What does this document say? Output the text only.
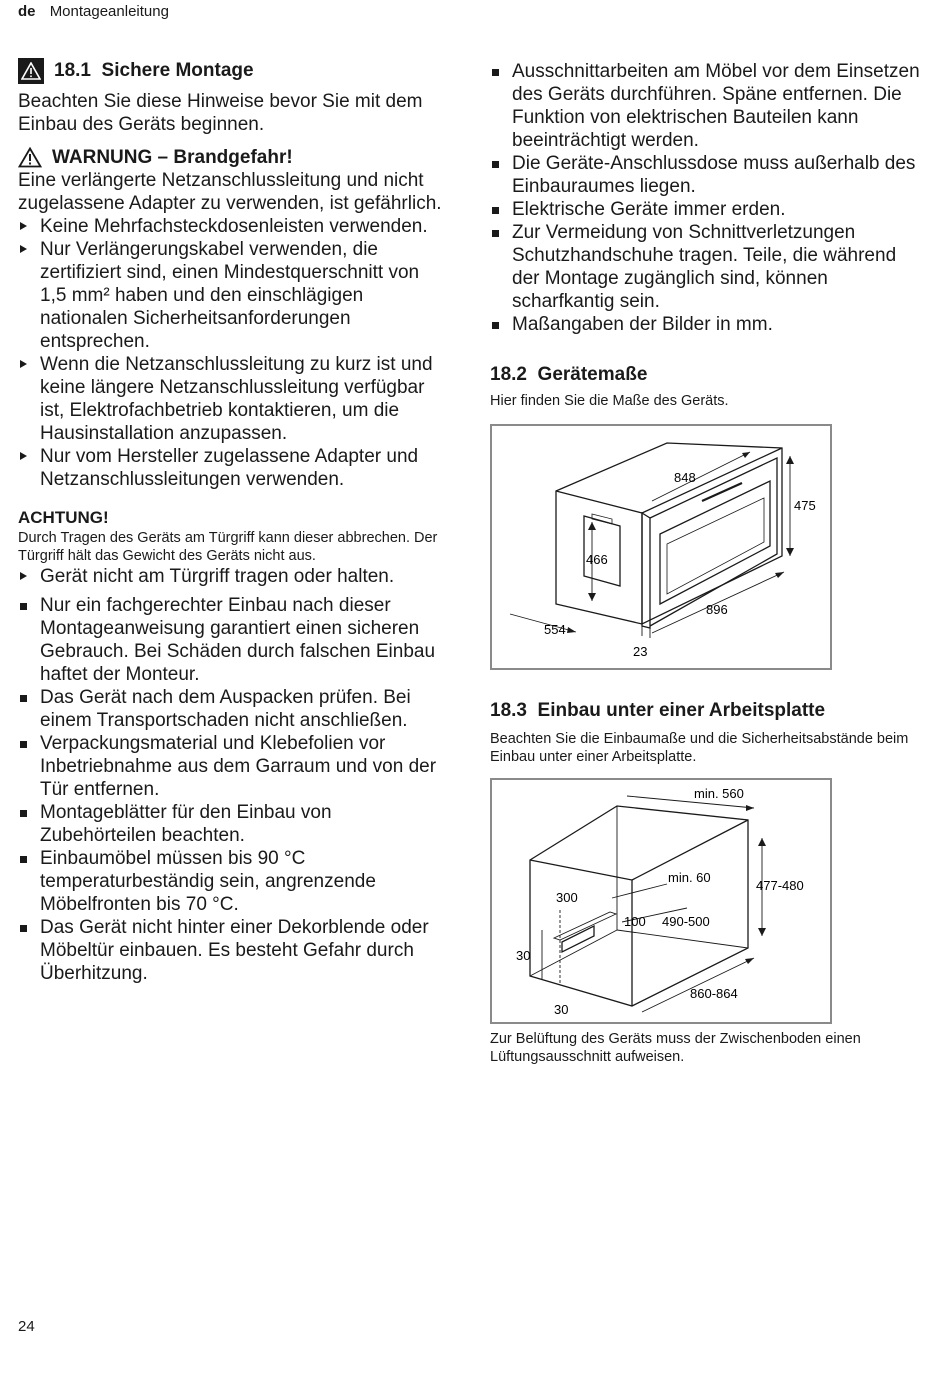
de Montageanleitung
18.1 Sichere Montage

Beachten Sie diese Hinweise bevor Sie mit dem Einbau des Geräts beginnen.

WARNUNG – Brandgefahr!

Eine verlängerte Netzanschlussleitung und nicht zugelassene Adapter zu verwenden, ist gefährlich.

Keine Mehrfachsteckdosenleisten verwenden.
Nur Verlängerungskabel verwenden, die zertifiziert sind, einen Mindestquerschnitt von 1,5 mm² haben und den einschlägigen nationalen Sicherheitsanforderungen entsprechen.
Wenn die Netzanschlussleitung zu kurz ist und keine längere Netzanschlussleitung verfügbar ist, Elektrofachbetrieb kontaktieren, um die Hausinstallation anzupassen.
Nur vom Hersteller zugelassene Adapter und Netzanschlussleitungen verwenden.

ACHTUNG!

Durch Tragen des Geräts am Türgriff kann dieser abbrechen. Der Türgriff hält das Gewicht des Geräts nicht aus.

Gerät nicht am Türgriff tragen oder halten.
Nur ein fachgerechter Einbau nach dieser Montageanweisung garantiert einen sicheren Gebrauch. Bei Schäden durch falschen Einbau haftet der Monteur.
Das Gerät nach dem Auspacken prüfen. Bei einem Transportschaden nicht anschließen.
Verpackungsmaterial und Klebefolien vor Inbetriebnahme aus dem Garraum und von der Tür entfernen.
Montageblätter für den Einbau von Zubehörteilen beachten.
Einbaumöbel müssen bis 90 °C temperaturbeständig sein, angrenzende Möbelfronten bis 70 °C.
Das Gerät nicht hinter einer Dekorblende oder Möbeltür einbauen. Es besteht Gefahr durch Überhitzung.
Ausschnittarbeiten am Möbel vor dem Einsetzen des Geräts durchführen. Späne entfernen. Die Funktion von elektrischen Bauteilen kann beeinträchtigt werden.
Die Geräte-Anschlussdose muss außerhalb des Einbauraumes liegen.
Elektrische Geräte immer erden.
Zur Vermeidung von Schnittverletzungen Schutzhandschuhe tragen. Teile, die während der Montage zugänglich sind, können scharfkantig sein.
Maßangaben der Bilder in mm.
18.2 Gerätemaße

Hier finden Sie die Maße des Geräts.

848
475
466
554
896
23
18.3 Einbau unter einer Arbeitsplatte

Beachten Sie die Einbaumaße und die Sicherheitsabstände beim Einbau unter einer Arbeitsplatte.

min. 560
477-480
min. 60
300
100 490-500
30
30
860-864

Zur Belüftung des Geräts muss der Zwischenboden einen Lüftungsausschnitt aufweisen.

24
